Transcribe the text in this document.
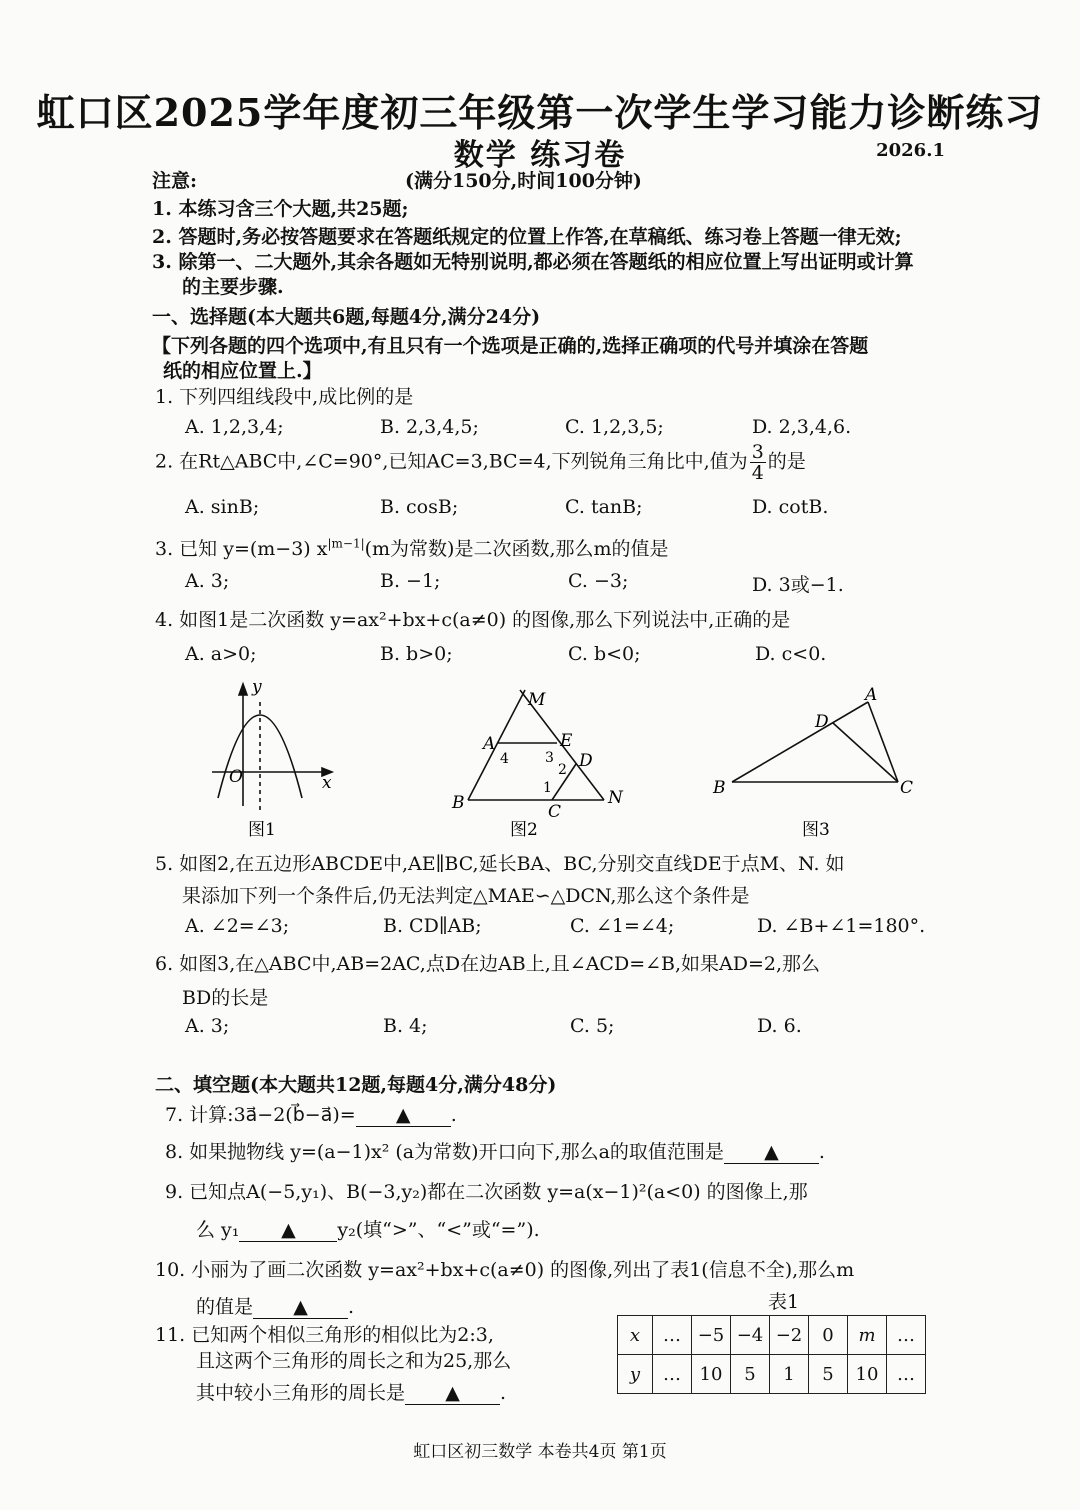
虹口区2025学年度初三年级第一次学生学习能力诊断练习
数学 练习卷	2026.1
注意:	(满分150分,时间100分钟)
1. 本练习含三个大题,共25题;
2. 答题时,务必按答题要求在答题纸规定的位置上作答,在草稿纸、练习卷上答题一律无效;
3. 除第一、二大题外,其余各题如无特别说明,都必须在答题纸的相应位置上写出证明或计算
的主要步骤.
一、选择题(本大题共6题,每题4分,满分24分)
【下列各题的四个选项中,有且只有一个选项是正确的,选择正确项的代号并填涂在答题
纸的相应位置上.】
1. 下列四组线段中,成比例的是
A. 1,2,3,4;	B. 2,3,4,5;	C. 1,2,3,5;	D. 2,3,4,6.
2. 在Rt△ABC中,∠C=90°,已知AC=3,BC=4,下列锐角三角比中,值为 $\frac{3}{4}$ 的是
A. sinB;	B. cosB;	C. tanB;	D. cotB.
3. 已知 y=(m−3) $x^{|m-1|}(m$为常数)是二次函数,那么m的值是
A. 3;	B. −1;	C. −3;	D. 3或−1.
4. 如图1是二次函数 y=ax²+bx+c(a≠0) 的图像,那么下列说法中,正确的是
A. a>0;	B. b>0;	C. b<0;	D. c<0.
y
x
O
图1
M
A	E
D
B	C
N
1
2
3
4
图2
A
D
B	C
图3
5. 如图2,在五边形ABCDE中,AE∥BC,延长BA、BC,分别交直线DE于点M、N. 如
果添加下列一个条件后,仍无法判定△MAE∽△DCN,那么这个条件是
A. ∠2=∠3;	B. CD∥AB;	C. ∠1=∠4;	D. ∠B+∠1=180°.
6. 如图3,在△ABC中,AB=2AC,点D在边AB上,且∠ACD=∠B,如果AD=2,那么
BD的长是
A. 3;	B. 4;	C. 5;	D. 6.
二、填空题(本大题共12题,每题4分,满分48分)
7. 计算:3a⃗−2(b⃗−a⃗)= ▲ .
8. 如果抛物线 y=(a−1)x² (a为常数)开口向下,那么a的取值范围是 ▲ .
9. 已知点A(−5,y₁)、B(−3,y₂)都在二次函数 y=a(x−1)²(a<0) 的图像上,那
么 y₁ ▲ y₂(填“>”、“<”或“=”).
10. 小丽为了画二次函数 y=ax²+bx+c(a≠0) 的图像,列出了表1(信息不全),那么m
的值是 ▲ .
11. 已知两个相似三角形的相似比为2:3,
且这两个三角形的周长之和为25,那么
其中较小三角形的周长是 ▲ .
表1
x	…	−5	−4	−2	0	m	…
y	…	10	5	1	5	10	…
虹口区初三数学 本卷共4页 第1页
